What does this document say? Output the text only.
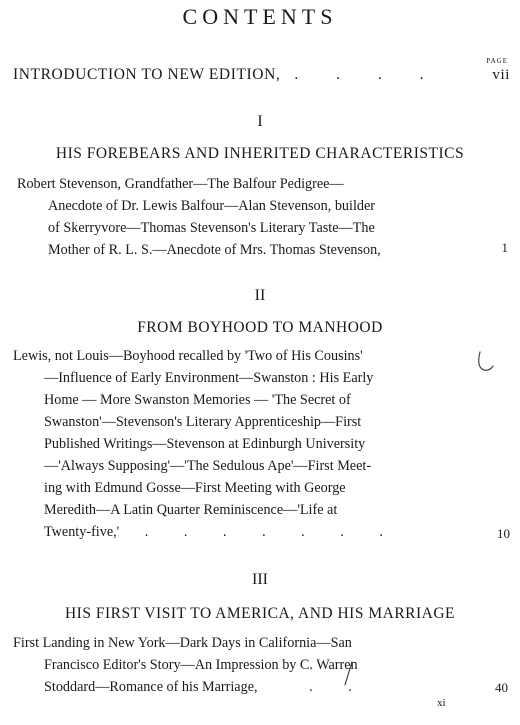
CONTENTS
PAGE
INTRODUCTION TO NEW EDITION, . . . .	vii
I
HIS FOREBEARS AND INHERITED CHARACTERISTICS
Robert Stevenson, Grandfather—The Balfour Pedigree—
Anecdote of Dr. Lewis Balfour—Alan Stevenson, builder
of Skerryvore—Thomas Stevenson's Literary Taste—The
Mother of R. L. S.—Anecdote of Mrs. Thomas Stevenson,	1
II
FROM BOYHOOD TO MANHOOD
Lewis, not Louis—Boyhood recalled by 'Two of His Cousins'
—Influence of Early Environment—Swanston : His Early
Home — More Swanston Memories — 'The Secret of
Swanston'—Stevenson's Literary Apprenticeship—First
Published Writings—Stevenson at Edinburgh University
—'Always Supposing'—'The Sedulous Ape'—First Meet-
ing with Edmund Gosse—First Meeting with George
Meredith—A Latin Quarter Reminiscence—'Life at
Twenty-five,' . . . . . . .	10
III
HIS FIRST VISIT TO AMERICA, AND HIS MARRIAGE
First Landing in New York—Dark Days in California—San
Francisco Editor's Story—An Impression by C. Warren
Stoddard—Romance of his Marriage,	. .	40
xi
